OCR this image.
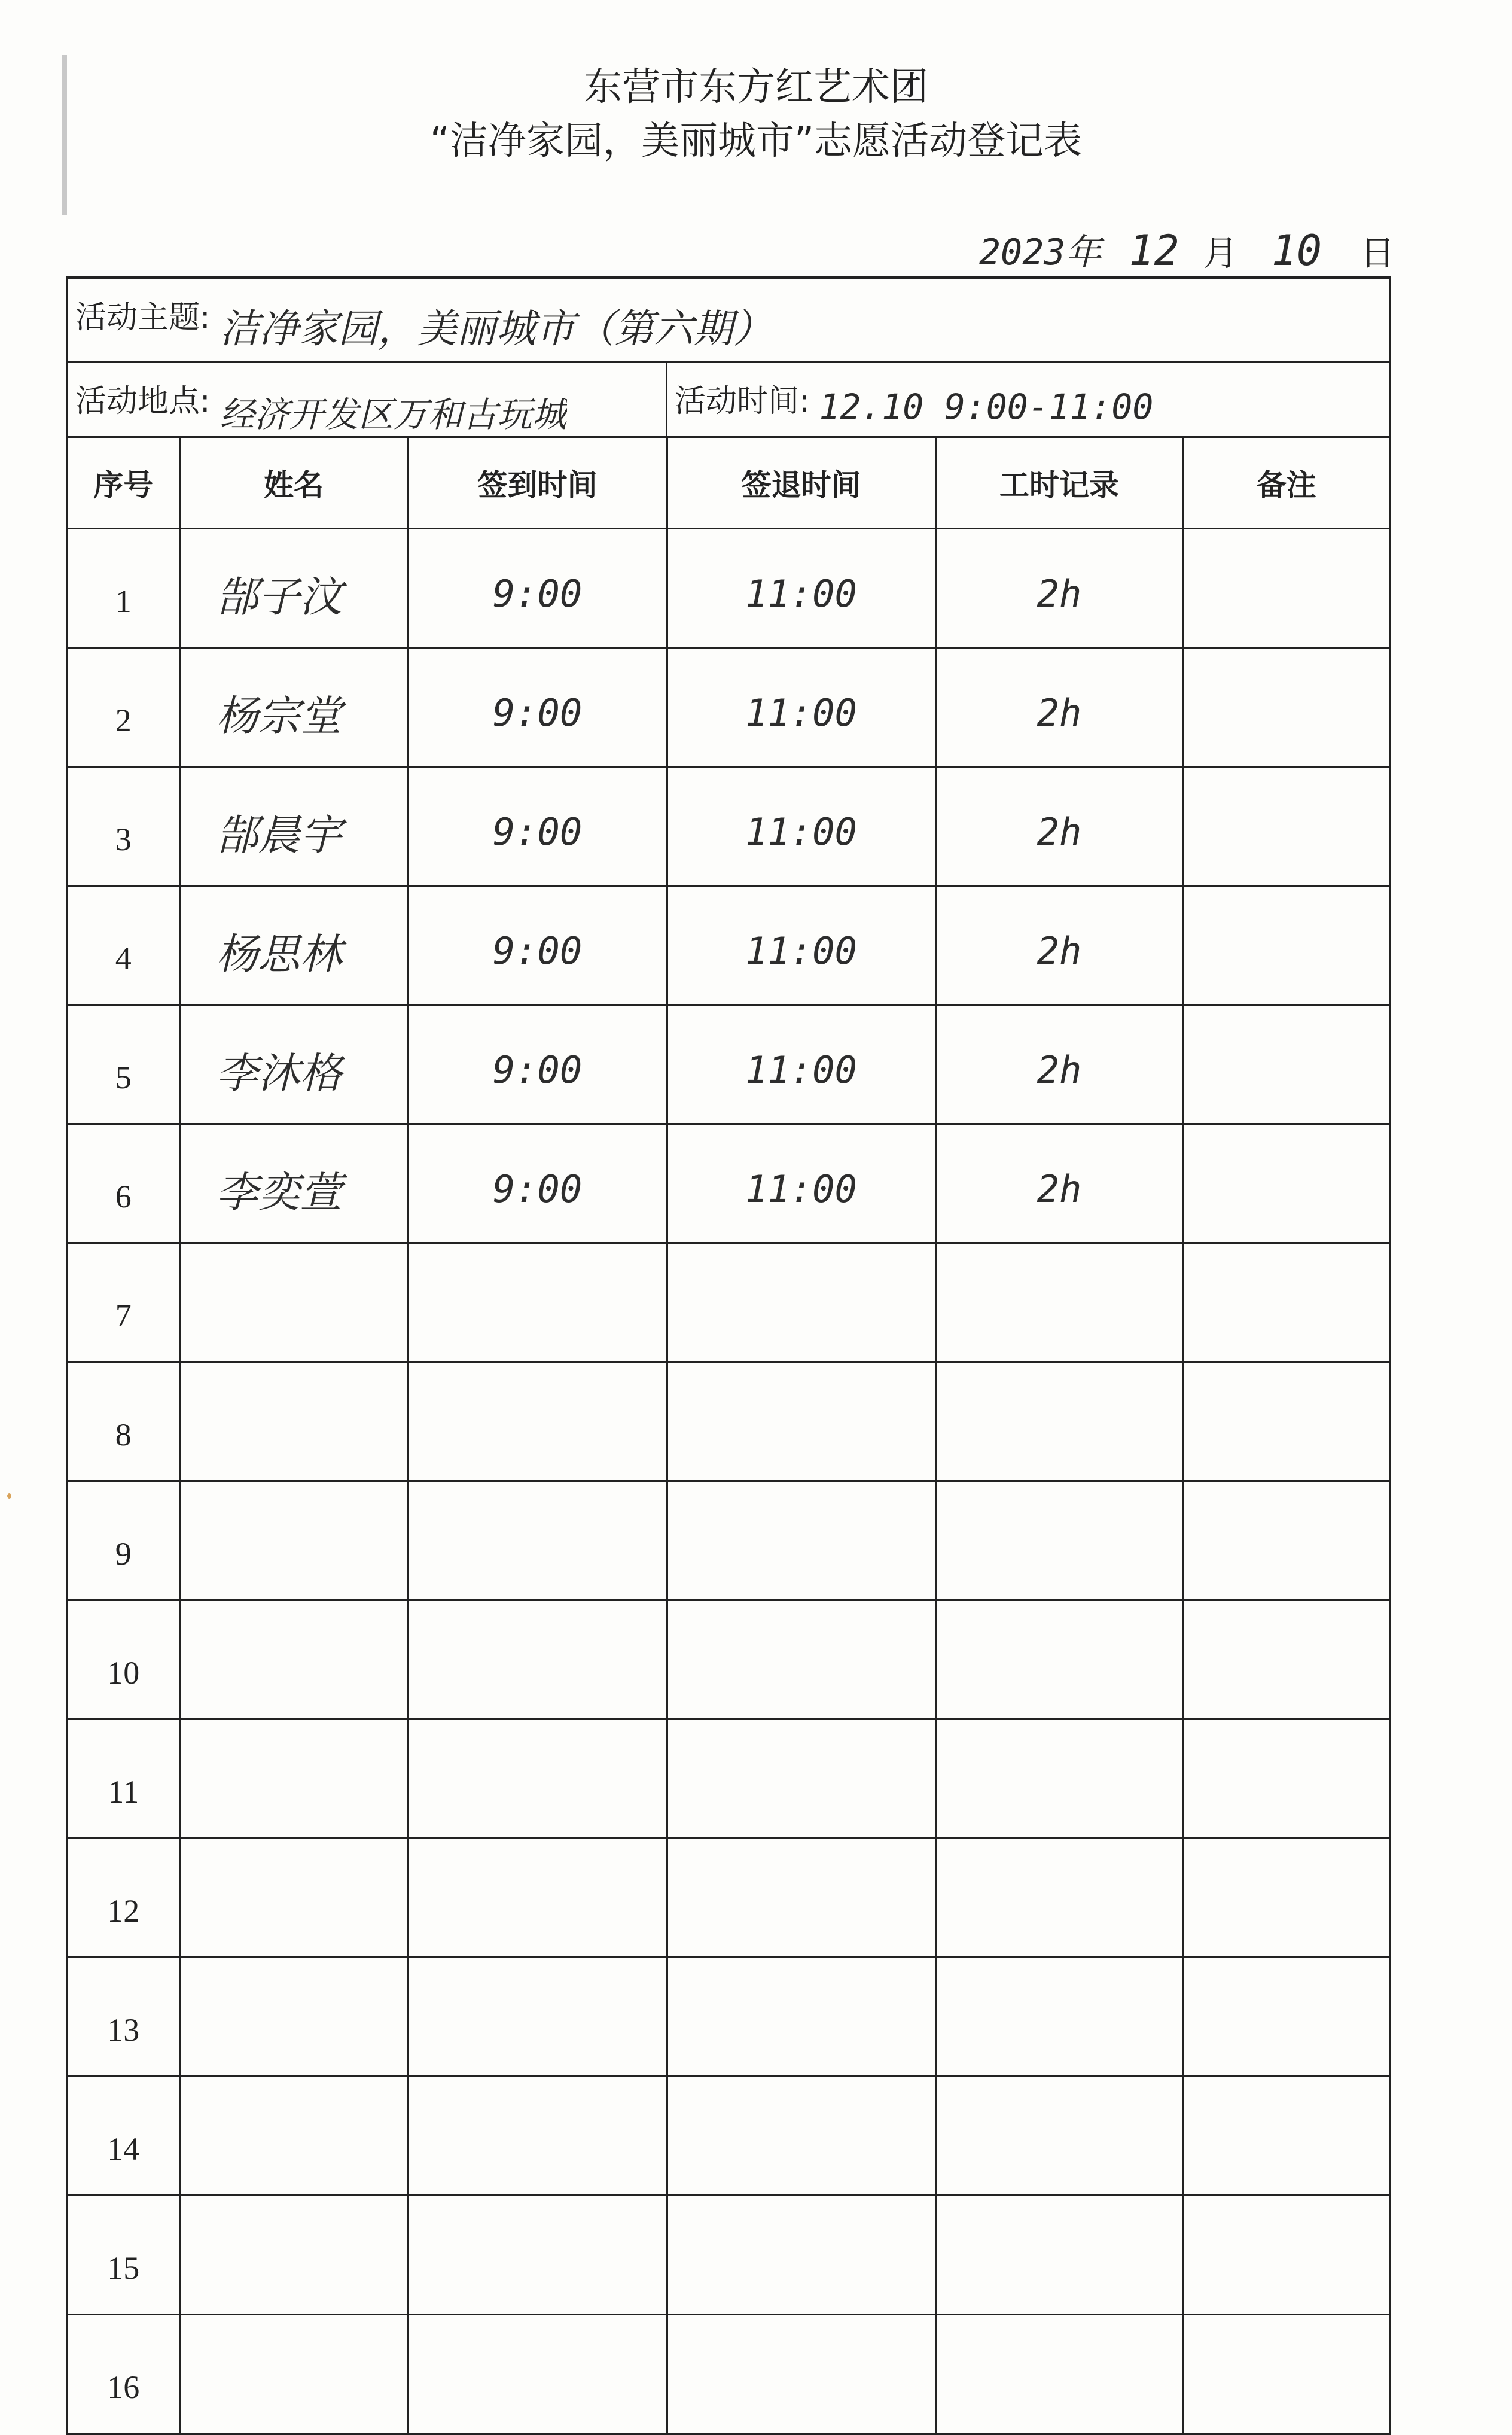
东营市东方红艺术团
“洁净家园，美丽城市”志愿活动登记表
2023年 12 月 10 日
活动主题: 洁净家园，美丽城市（第六期）
活动地点: 经济开发区万和古玩城	活动时间: 12.10 9:00-11:00
序号	姓名	签到时间	签退时间	工时记录	备注
1	郜子汶	9:00	11:00	2h	
2	杨宗堂	9:00	11:00	2h	
3	郜晨宇	9:00	11:00	2h	
4	杨思林	9:00	11:00	2h	
5	李沐格	9:00	11:00	2h	
6	李奕萱	9:00	11:00	2h	
7					
8					
9					
10					
11					
12					
13					
14					
15					
16					
